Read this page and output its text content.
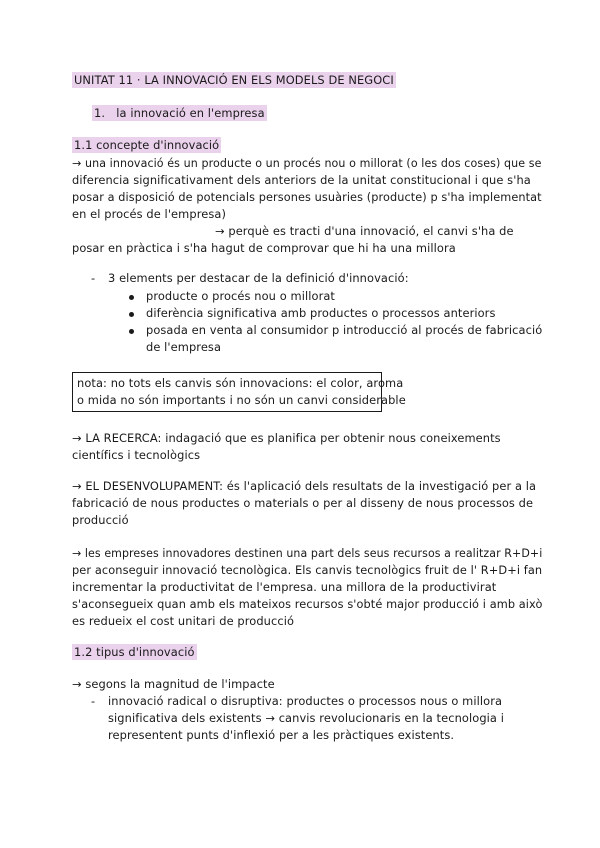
UNITAT 11 · LA INNOVACIÓ EN ELS MODELS DE NEGOCI
1. la innovació en l'empresa
1.1 concepte d'innovació
→ una innovació és un producte o un procés nou o millorat (o les dos coses) que se
diferencia significativament dels anteriors de la unitat constitucional i que s'ha
posar a disposició de potencials persones usuàries (producte) p s'ha implementat
en el procés de l'empresa)
→ perquè es tracti d'una innovació, el canvi s'ha de
posar en pràctica i s'ha hagut de comprovar que hi ha una millora
- 3 elements per destacar de la definició d'innovació:
producte o procés nou o millorat
diferència significativa amb productes o processos anteriors
posada en venta al consumidor p introducció al procés de fabricació
de l'empresa
nota: no tots els canvis són innovacions: el color, aroma
o mida no són importants i no són un canvi considerable
→ LA RECERCA: indagació que es planifica per obtenir nous coneixements
científics i tecnològics
→ EL DESENVOLUPAMENT: és l'aplicació dels resultats de la investigació per a la
fabricació de nous productes o materials o per al disseny de nous processos de
producció
→ les empreses innovadores destinen una part dels seus recursos a realitzar R+D+i
per aconseguir innovació tecnològica. Els canvis tecnològics fruit de l' R+D+i fan
incrementar la productivitat de l'empresa. una millora de la productivirat
s'aconsegueix quan amb els mateixos recursos s'obté major producció i amb això
es redueix el cost unitari de producció
1.2 tipus d'innovació
→ segons la magnitud de l'impacte
- innovació radical o disruptiva: productes o processos nous o millora
significativa dels existents → canvis revolucionaris en la tecnologia i
representent punts d'inflexió per a les pràctiques existents.
